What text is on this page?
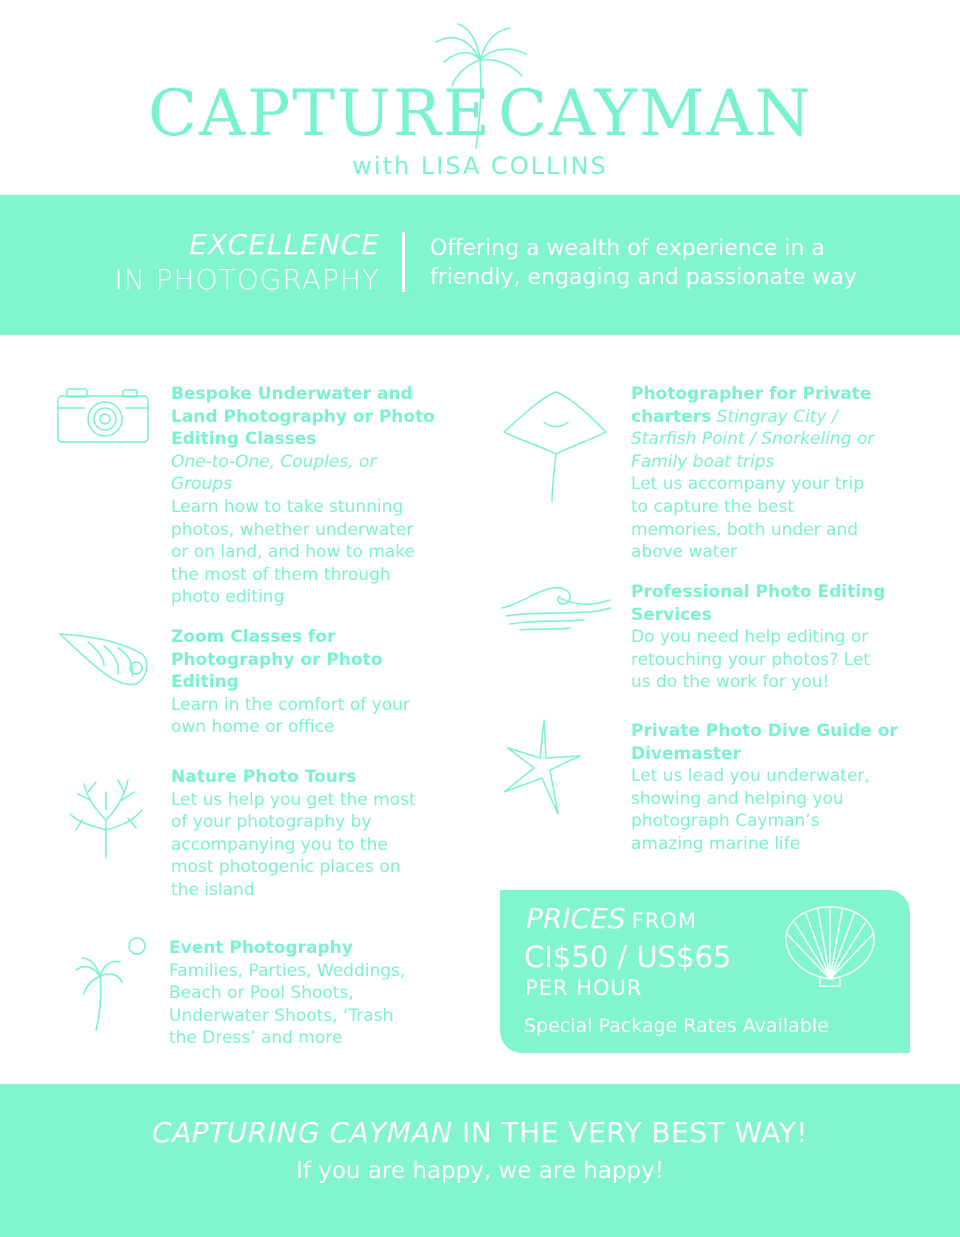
CAPTURE CAYMAN
with LISA COLLINS
EXCELLENCE
IN PHOTOGRAPHY
Offering a wealth of experience in a
friendly, engaging and passionate way
Bespoke Underwater and
Land Photography or Photo
Editing Classes
One-to-One, Couples, or
Groups
Learn how to take stunning
photos, whether underwater
or on land, and how to make
the most of them through
photo editing
Zoom Classes for
Photography or Photo
Editing
Learn in the comfort of your
own home or office
Nature Photo Tours
Let us help you get the most
of your photography by
accompanying you to the
most photogenic places on
the island
Event Photography
Families, Parties, Weddings,
Beach or Pool Shoots,
Underwater Shoots, ‘Trash
the Dress’ and more
Photographer for Private
charters Stingray City /
Starfish Point / Snorkeling or
Family boat trips
Let us accompany your trip
to capture the best
memories, both under and
above water
Professional Photo Editing
Services
Do you need help editing or
retouching your photos? Let
us do the work for you!
Private Photo Dive Guide or
Divemaster
Let us lead you underwater,
showing and helping you
photograph Cayman’s
amazing marine life
PRICES FROM
CI$50 / US$65
PER HOUR
Special Package Rates Available
CAPTURING CAYMAN IN THE VERY BEST WAY!
If you are happy, we are happy!
